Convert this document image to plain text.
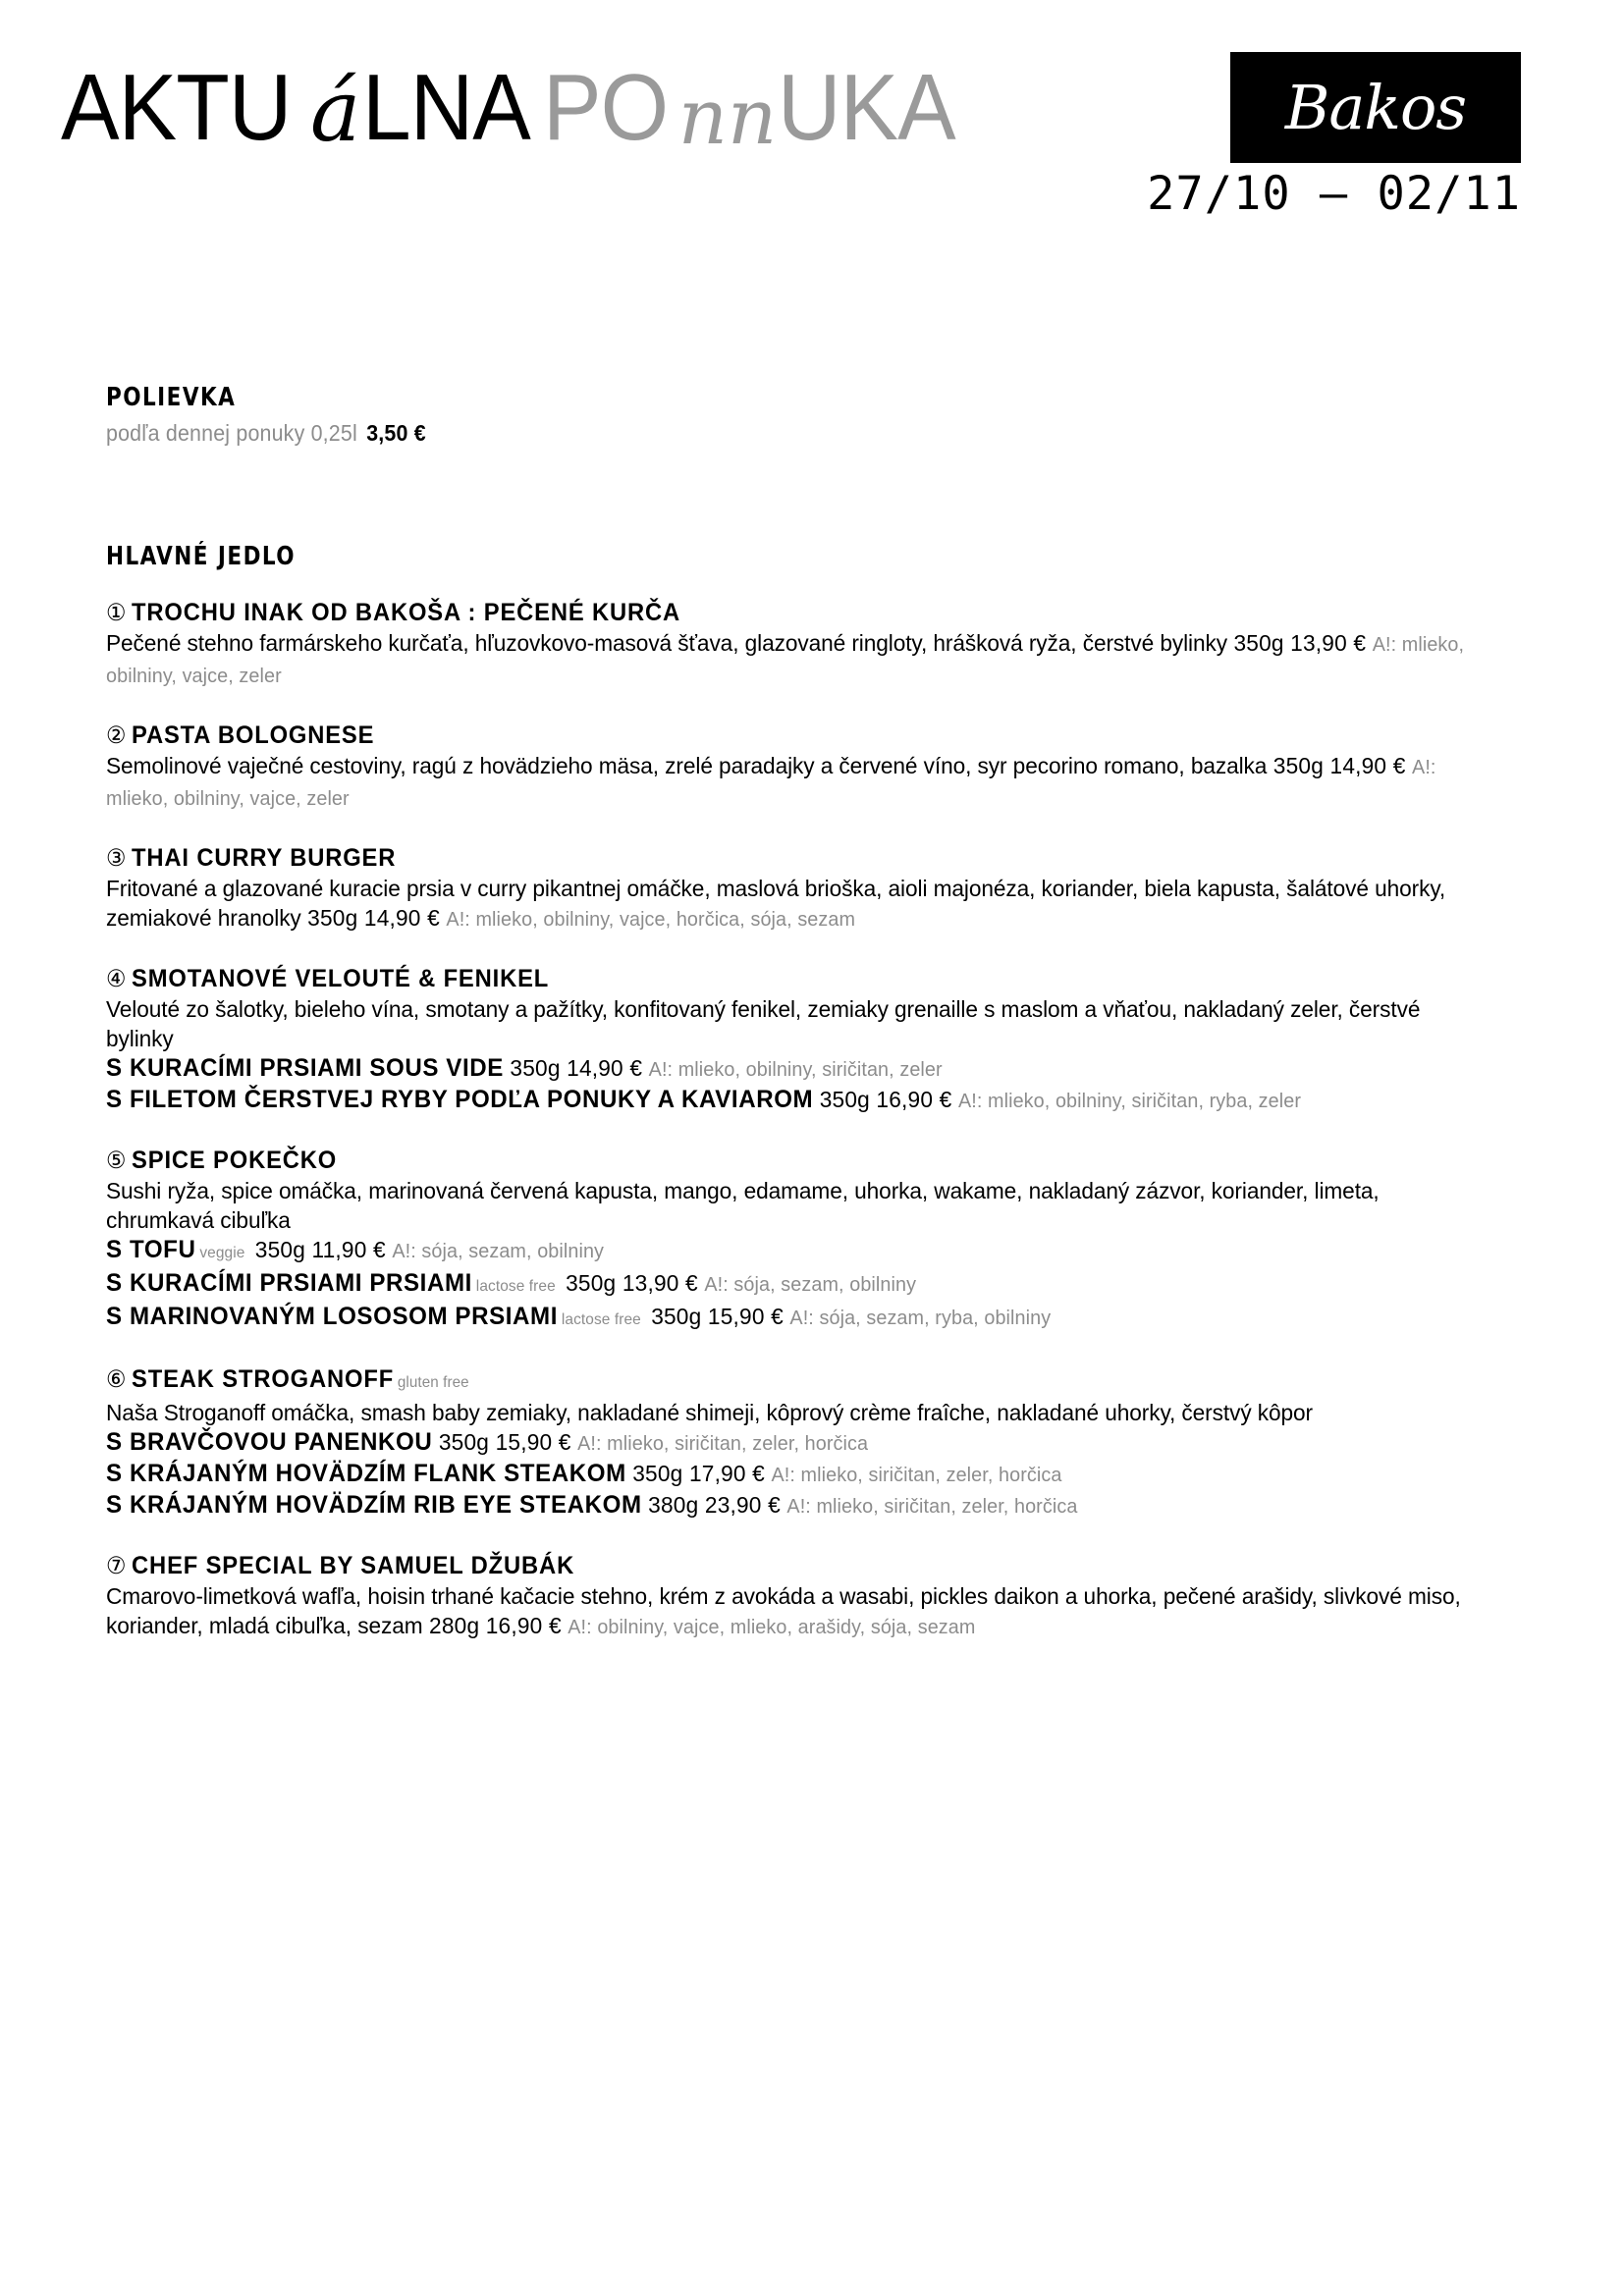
AKTU á LNA PO nn UKA	Bakos
27/10 – 02/11
POLIEVKA
podľa dennej ponuky 0,25l 3,50 €
HLAVNÉ JEDLO
① TROCHU INAK OD BAKOŠA : PEČENÉ KURČA
Pečené stehno farmárskeho kurčaťa, hľuzovkovo-masová šťava, glazované ringloty, hrášková ryža, čerstvé bylinky 350g 13,90 € A!: mlieko, obilniny, vajce, zeler
② PASTA BOLOGNESE
Semolinové vaječné cestoviny, ragú z hovädzieho mäsa, zrelé paradajky a červené víno, syr pecorino romano, bazalka 350g 14,90 € A!: mlieko, obilniny, vajce, zeler
③ THAI CURRY BURGER
Fritované a glazované kuracie prsia v curry pikantnej omáčke, maslová brioška, aioli majonéza, koriander, biela kapusta, šalátové uhorky, zemiakové hranolky 350g 14,90 € A!: mlieko, obilniny, vajce, horčica, sója, sezam
④ SMOTANOVÉ VELOUTÉ & FENIKEL
Velouté zo šalotky, bieleho vína, smotany a pažítky, konfitovaný fenikel, zemiaky grenaille s maslom a vňaťou, nakladaný zeler, čerstvé bylinky
S KURACÍMI PRSIAMI SOUS VIDE 350g 14,90 € A!: mlieko, obilniny, siričitan, zeler
S FILETOM ČERSTVEJ RYBY PODĽA PONUKY A KAVIAROM 350g 16,90 € A!: mlieko, obilniny, siričitan, ryba, zeler
⑤ SPICE POKEČKO
Sushi ryža, spice omáčka, marinovaná červená kapusta, mango, edamame, uhorka, wakame, nakladaný zázvor, koriander, limeta, chrumkavá cibuľka
S TOFU veggie 350g 11,90 € A!: sója, sezam, obilniny
S KURACÍMI PRSIAMI PRSIAMI lactose free 350g 13,90 € A!: sója, sezam, obilniny
S MARINOVANÝM LOSOSOM PRSIAMI lactose free 350g 15,90 € A!: sója, sezam, ryba, obilniny
⑥ STEAK STROGANOFF gluten free
Naša Stroganoff omáčka, smash baby zemiaky, nakladané shimeji, kôprový crème fraîche, nakladané uhorky, čerstvý kôpor
S BRAVČOVOU PANENKOU 350g 15,90 € A!: mlieko, siričitan, zeler, horčica
S KRÁJANÝM HOVÄDZÍM FLANK STEAKOM 350g 17,90 € A!: mlieko, siričitan, zeler, horčica
S KRÁJANÝM HOVÄDZÍM RIB EYE STEAKOM 380g 23,90 € A!: mlieko, siričitan, zeler, horčica
⑦ CHEF SPECIAL BY SAMUEL DŽUBÁK
Cmarovo-limetková wafľa, hoisin trhané kačacie stehno, krém z avokáda a wasabi, pickles daikon a uhorka, pečené arašidy, slivkové miso, koriander, mladá cibuľka, sezam 280g 16,90 € A!: obilniny, vajce, mlieko, arašidy, sója, sezam
